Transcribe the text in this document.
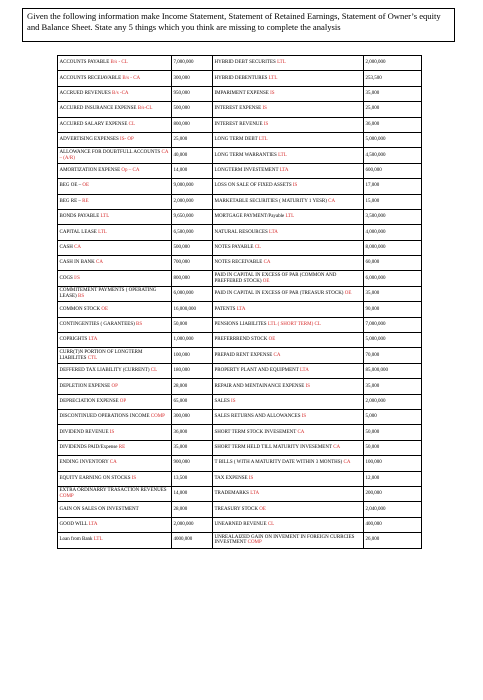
Given the following information make Income Statement, Statement of Retained Earnings, Statement of Owner’s equity and Balance Sheet. State any 5 things which you think are missing to complete the analysis
ACCOUNTS PAYABLE B/s - CL	7,000,000	HYBRID DEBT SECURITES LTL	2,000,000
ACCOUNTS RECEIAVABLE B/s - CA	300,000	HYBRID DEBENTURES LTL	253,500
ACCRUED REVENUES B/s -CA	950,000	IMPARIMENT EXPENSE IS	35,000
ACCURED INSURANCE EXPENSE B/s-CL	500,000	INTEREST EXPENSE IS	25,000
ACCURED SALARY EXPENSE CL	800,000	INTEREST REVENUE IS	36,000
ADVERTISING EXPENSES IS- OP	25,000	LONG TERM DEBT LTL	5,000,000
ALLOWANCE FOR DOUBTFULL ACCOUNTS CA – (A/R)	40,000	LONG TERM WARRANTIES LTL	4,500,000
AMORTIZATION EXPENSE Op – CA	14,000	LONGTERM INVESTEMENT LTA	600,000
BEG OE – OE	9,000,000	LOSS ON SALE OF FIXED ASSETS IS	17,000
BEG RE – RE	2,000,000	MARKETABLE SECURITIES ( MATURITY 1 YESR) CA	15,000
BONDS PAYABLE LTL	9,650,000	MORTGAGE PAYMENT/Payable LTL	3,500,000
CAPITAL LEASE LTL	6,500,000	NATURAL RESOURCES LTA	4,000,000
CASH CA	500,000	NOTES PAYABLE CL	8,000,000
CASH IN BANK CA	700,000	NOTES RECEIVABLE CA	60,000
COGS I/S	800,000	PAID IN CAPITAL IN EXCESS OF PAR (COMMON AND PREFFERED STOCK) OE	6,000,000
COMMITEMENT PAYMENTS ( OPERATING LEASE) BS	6,000,000	PAID IN CAPITAL IN EXCESS OF PAR (TREASUR STOCK) OE	35,000
COMMON STOCK OE	16,000,000	PATENTS LTA	90,000
CONTINGENTIES ( GARANTEES) BS	50,000	PENSIONS LIABILITES LTL ( SHORT TERM) CL	7,000,000
COPRIGHTS LTA	1,000,000	PREFERRREND STOCK OE	5,000,000
CURR(T)N PORTION OF LONGTERM LIABILITES CTL	100,000	PREPAID RENT EXPENSE CA	70,000
DEFFERED TAX LIABILITY (CURRENT) CL	180,000	PROPERTY PLANT AND EQUIPMENT LTA	85,000,000
DEPLETION EXPENSE OP	28,000	REPAIR AND MENTAINANCE EXPENSE IS	35,000
DEPRECIATION EXPENSE OP	65,000	SALES IS	2,000,000
DISCONTINUED OPERATIONS INCOME COMP	300,000	SALES RETURNS AND ALLOWANCES IS	5,000
DIVIDEND REVENUE IS	36,000	SHORT TERM STOCK INVESEMENT CA	50,000
DIVIDENDS PAID/Expense RE	35,000	SHORT TERM HELD TILL MATURITY INVESEMENT CA	50,000
ENDING INVENTORY CA	900,000	T BILLS ( WITH A MATURITY DATE WITHIN 3 MONTHS) CA	100,000
EQUITY EARNING ON STOCKS IS	13,500	TAX EXPENSE IS	12,000
EXTRA ORDINARRY TRASACTION REVENUES COMP	14,000	TRADEMARKS LTA	200,000
GAIN ON SALES ON INVESTMENT	28,000	TREASURY STOCK OE	2,040,000
GOOD WILL LTA	2,000,000	UNEARNED REVENUE CL	400,000
Loan from Bank LTL	4000,000	UNREALAIZED GAIN ON INVEMENT IN FOREIGN CURRCIES INVESTMENT COMP	26,000
